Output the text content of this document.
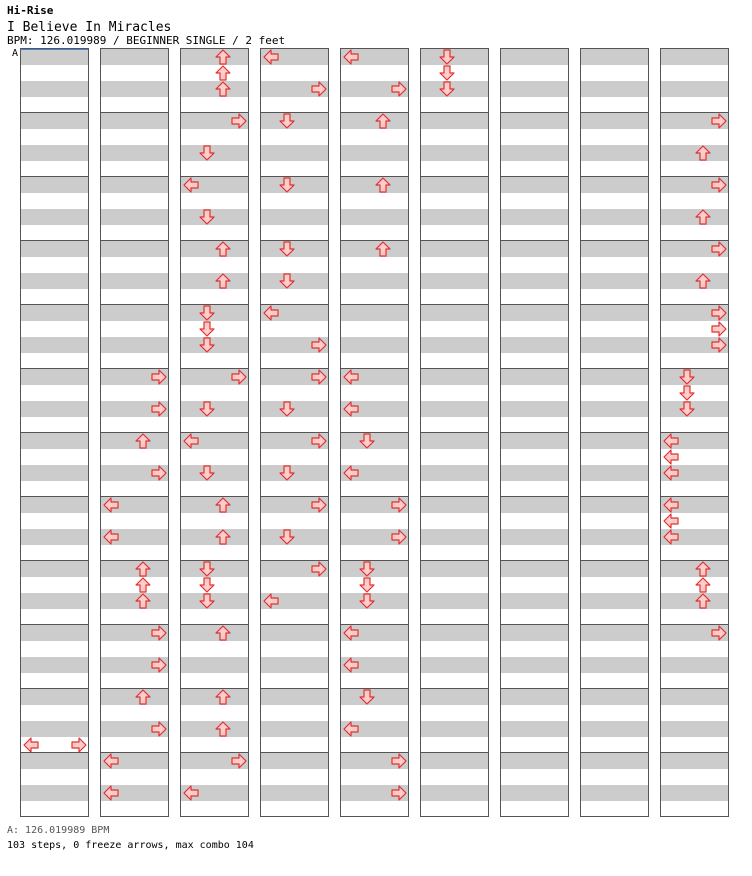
Hi-Rise
I Believe In Miracles
BPM: 126.019989 / BEGINNER SINGLE / 2 feet
A
A: 126.019989 BPM
103 steps, 0 freeze arrows, max combo 104
